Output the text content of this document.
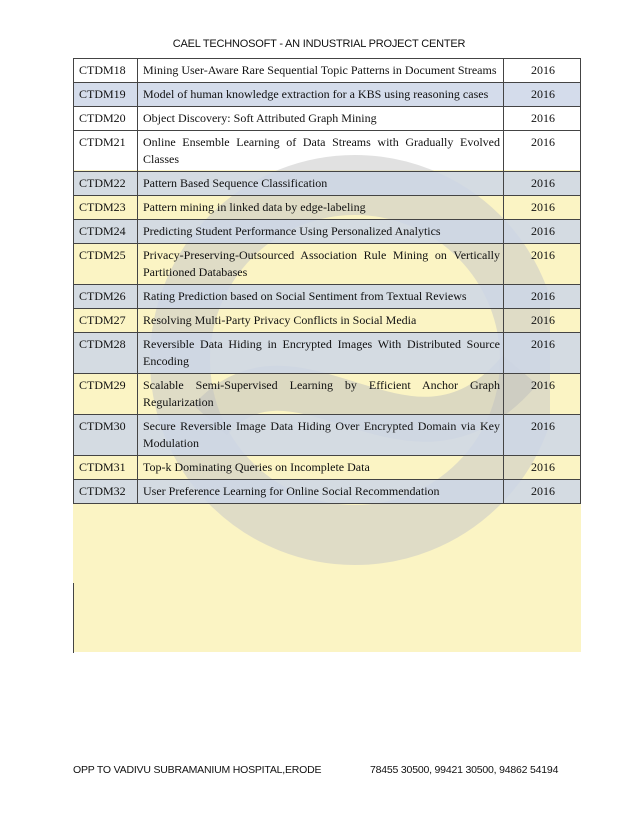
CAEL TECHNOSOFT - AN INDUSTRIAL PROJECT CENTER
CTDM18	Mining User-Aware Rare Sequential Topic Patterns in Document Streams	2016
CTDM19	Model of human knowledge extraction for a KBS using reasoning cases	2016
CTDM20	Object Discovery: Soft Attributed Graph Mining	2016
CTDM21	Online Ensemble Learning of Data Streams with Gradually Evolved Classes	2016
CTDM22	Pattern Based Sequence Classification	2016
CTDM23	Pattern mining in linked data by edge-labeling	2016
CTDM24	Predicting Student Performance Using Personalized Analytics	2016
CTDM25	Privacy-Preserving-Outsourced Association Rule Mining on Vertically Partitioned Databases	2016
CTDM26	Rating Prediction based on Social Sentiment from Textual Reviews	2016
CTDM27	Resolving Multi-Party Privacy Conflicts in Social Media	2016
CTDM28	Reversible Data Hiding in Encrypted Images With Distributed Source Encoding	2016
CTDM29	Scalable Semi-Supervised Learning by Efficient Anchor Graph Regularization	2016
CTDM30	Secure Reversible Image Data Hiding Over Encrypted Domain via Key Modulation	2016
CTDM31	Top-k Dominating Queries on Incomplete Data	2016
CTDM32	User Preference Learning for Online Social Recommendation	2016
OPP TO VADIVU SUBRAMANIUM HOSPITAL,ERODE	78455 30500, 99421 30500, 94862 54194
